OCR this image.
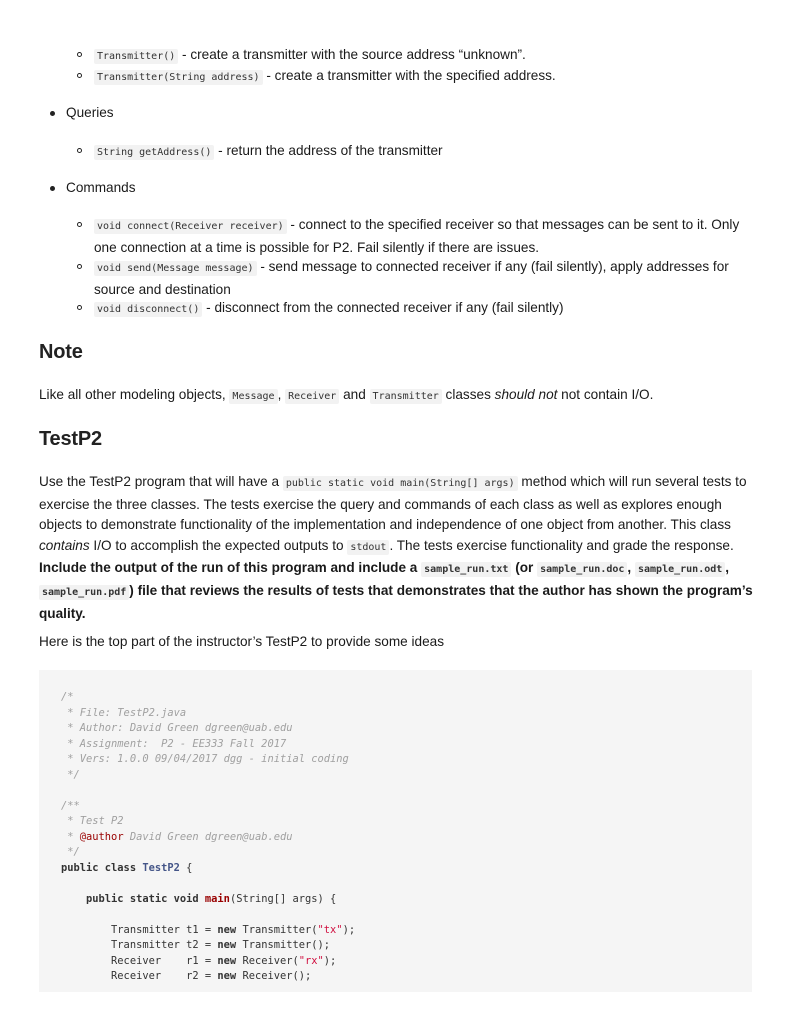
Transmitter() - create a transmitter with the source address “unknown”.
Transmitter(String address) - create a transmitter with the specified address.
Queries
String getAddress() - return the address of the transmitter
Commands
void connect(Receiver receiver) - connect to the specified receiver so that messages can be sent to it. Only one connection at a time is possible for P2. Fail silently if there are issues.
void send(Message message) - send message to connected receiver if any (fail silently), apply addresses for source and destination
void disconnect() - disconnect from the connected receiver if any (fail silently)
Note
Like all other modeling objects, Message , Receiver and Transmitter classes should not not contain I/O.
TestP2
Use the TestP2 program that will have a public static void main(String[] args) method which will run several tests to exercise the three classes. The tests exercise the query and commands of each class as well as explores enough objects to demonstrate functionality of the implementation and independence of one object from another. This class contains I/O to accomplish the expected outputs to stdout . The tests exercise functionality and grade the response. Include the output of the run of this program and include a sample_run.txt (or sample_run.doc , sample_run.odt , sample_run.pdf ) file that reviews the results of tests that demonstrates that the author has shown the program’s quality.
Here is the top part of the instructor’s TestP2 to provide some ideas
/*
* File: TestP2.java
* Author: David Green dgreen@uab.edu
* Assignment:  P2 - EE333 Fall 2017
* Vers: 1.0.0 09/04/2017 dgg - initial coding
*/

/**
* Test P2
* @author David Green dgreen@uab.edu
*/
public class TestP2 {

public static void main(String[] args) {

Transmitter t1 = new Transmitter("tx");
Transmitter t2 = new Transmitter();
Receiver    r1 = new Receiver("rx");
Receiver    r2 = new Receiver();
